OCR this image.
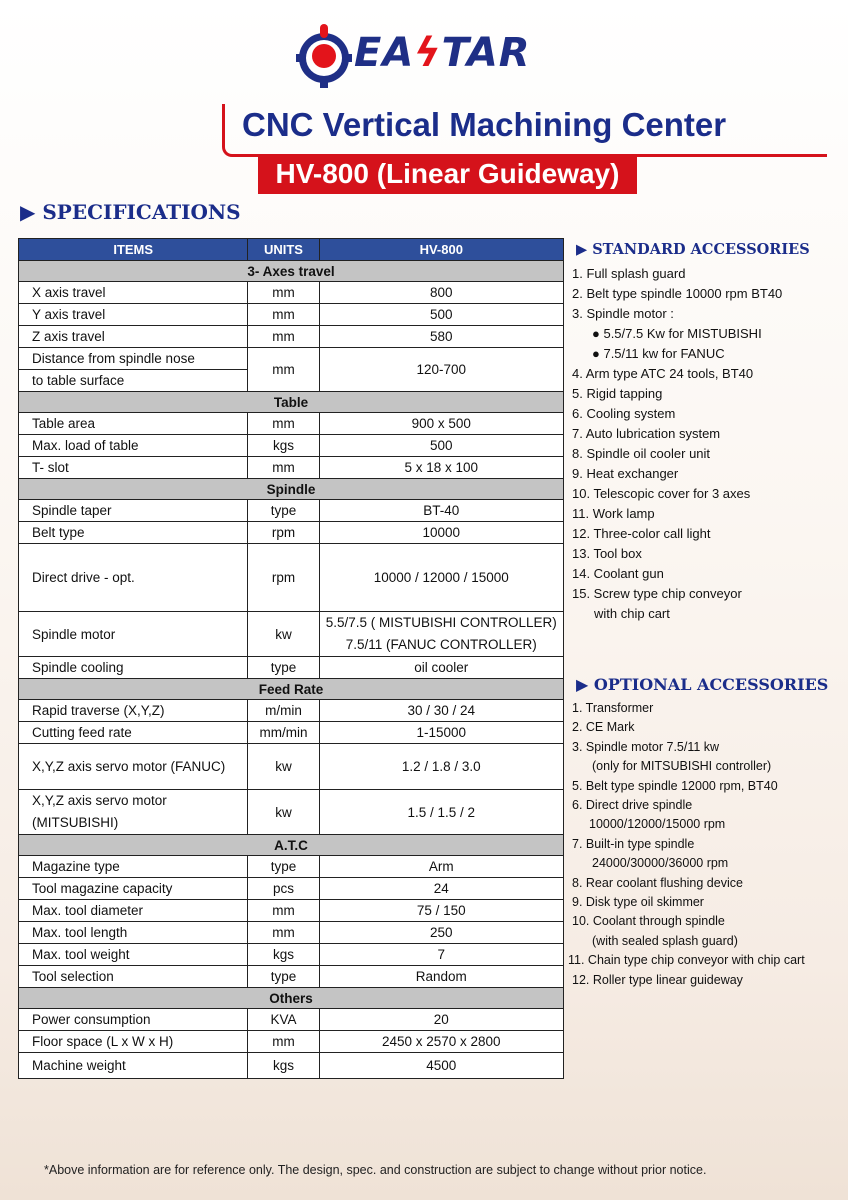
EAϟTAR
CNC Vertical Machining Center
HV-800 (Linear Guideway)
▶ SPECIFICATIONS
ITEMS	UNITS	HV-800
3- Axes travel		
X axis travel	mm	800
Y axis travel	mm	500
Z axis travel	mm	580

Distance from spindle nose
to table surface	mm	120-700
Table		
Table area	mm	900 x 500
Max. load of table	kgs	500
T- slot	mm	5 x 18 x 100
Spindle		
Spindle taper	type	BT-40
Belt type	rpm	10000
Direct drive - opt.	rpm	10000 / 12000 / 15000
Spindle motor	kw	5.5/7.5 ( MISTUBISHI CONTROLLER)
7.5/11 (FANUC CONTROLLER)

Spindle cooling	type	oil cooler
Feed Rate		
Rapid traverse (X,Y,Z)	m/min	30 / 30 / 24
Cutting feed rate	mm/min	1-15000
X,Y,Z axis servo motor (FANUC)	kw	1.2 / 1.8 / 3.0

X,Y,Z axis servo motor
(MITSUBISHI)	kw	1.5 / 1.5 / 2
A.T.C		
Magazine type	type	Arm
Tool magazine capacity	pcs	24
Max. tool diameter	mm	75 / 150
Max. tool length	mm	250
Max. tool weight	kgs	7
Tool selection	type	Random
Others		
Power consumption	KVA	20
Floor space (L x W x H)	mm	2450 x 2570 x 2800
Machine weight	kgs	4500
▶ STANDARD ACCESSORIES
1. Full splash guard
2. Belt type spindle 10000 rpm BT40
3. Spindle motor :
● 5.5/7.5 Kw for MISTUBISHI
● 7.5/11 kw for FANUC
4. Arm type ATC 24 tools, BT40
5. Rigid tapping
6. Cooling system
7. Auto lubrication system
8. Spindle oil cooler unit
9. Heat exchanger
10. Telescopic cover for 3 axes
11. Work lamp
12. Three-color call light
13. Tool box
14. Coolant gun
15. Screw type chip conveyor
with chip cart
▶ OPTIONAL ACCESSORIES
1. Transformer
2. CE Mark
3. Spindle motor 7.5/11 kw
(only for MITSUBISHI controller)
5. Belt type spindle 12000 rpm, BT40
6. Direct drive spindle
10000/12000/15000 rpm
7. Built-in type spindle
24000/30000/36000 rpm
8. Rear coolant flushing device
9. Disk type oil skimmer
10. Coolant through spindle
(with sealed splash guard)
11. Chain type chip conveyor with chip cart
12. Roller type linear guideway
*Above information are for reference only. The design, spec. and construction are subject to change without prior notice.
